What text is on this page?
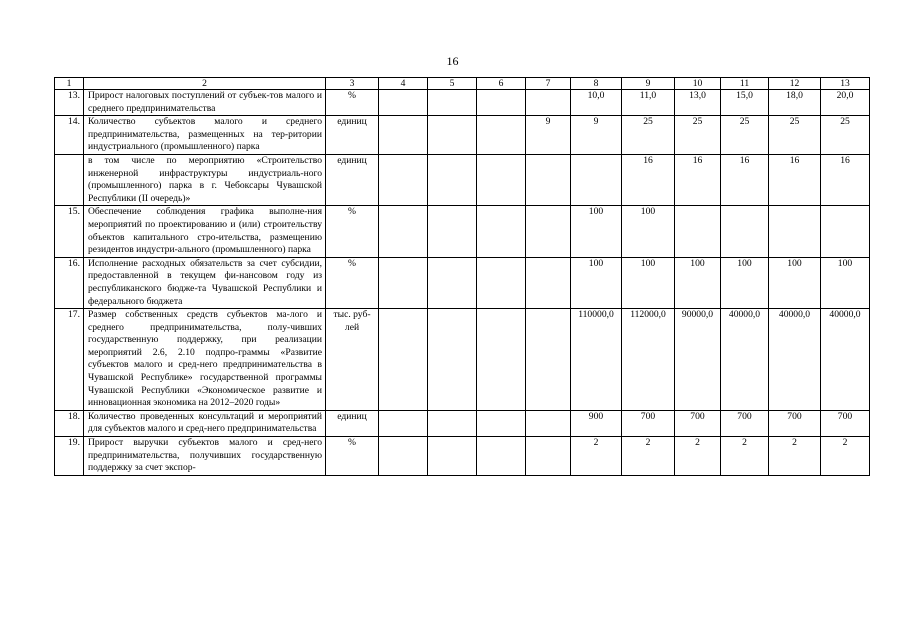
16
1	2	3	4	5	6	7	8	9	10	11	12	13
13.	Прирост налоговых поступлений от субъек-тов малого и среднего предпринимательства	%					10,0	11,0	13,0	15,0	18,0	20,0
14.	Количество субъектов малого и среднего предпринимательства, размещенных на тер-ритории индустриального (промышленного) парка	единиц				9	9	25	25	25	25	25
	в том числе по мероприятию «Строительство инженерной инфраструктуры индустриаль-ного (промышленного) парка в г. Чебоксары Чувашской Республики (II очередь)»	единиц						16	16	16	16	16
15.	Обеспечение соблюдения графика выполне-ния мероприятий по проектированию и (или) строительству объектов капитального стро-ительства, размещению резидентов индустри-ального (промышленного) парка	%					100	100				
16.	Исполнение расходных обязательств за счет субсидии, предоставленной в текущем фи-нансовом году из республиканского бюдже-та Чувашской Республики и федерального бюджета	%					100	100	100	100	100	100
17.	Размер собственных средств субъектов ма-лого и среднего предпринимательства, полу-чивших государственную поддержку, при реализации мероприятий 2.6, 2.10 подпро-граммы «Развитие субъектов малого и сред-него предпринимательства в Чувашской Республике» государственной программы Чувашской Республики «Экономическое развитие и инновационная экономика на 2012–2020 годы»	тыс. руб-лей					110000,0	112000,0	90000,0	40000,0	40000,0	40000,0
18.	Количество проведенных консультаций и мероприятий для субъектов малого и сред-него предпринимательства	единиц					900	700	700	700	700	700
19.	Прирост выручки субъектов малого и сред-него предпринимательства, получивших государственную поддержку за счет экспор-	%					2	2	2	2	2	2
